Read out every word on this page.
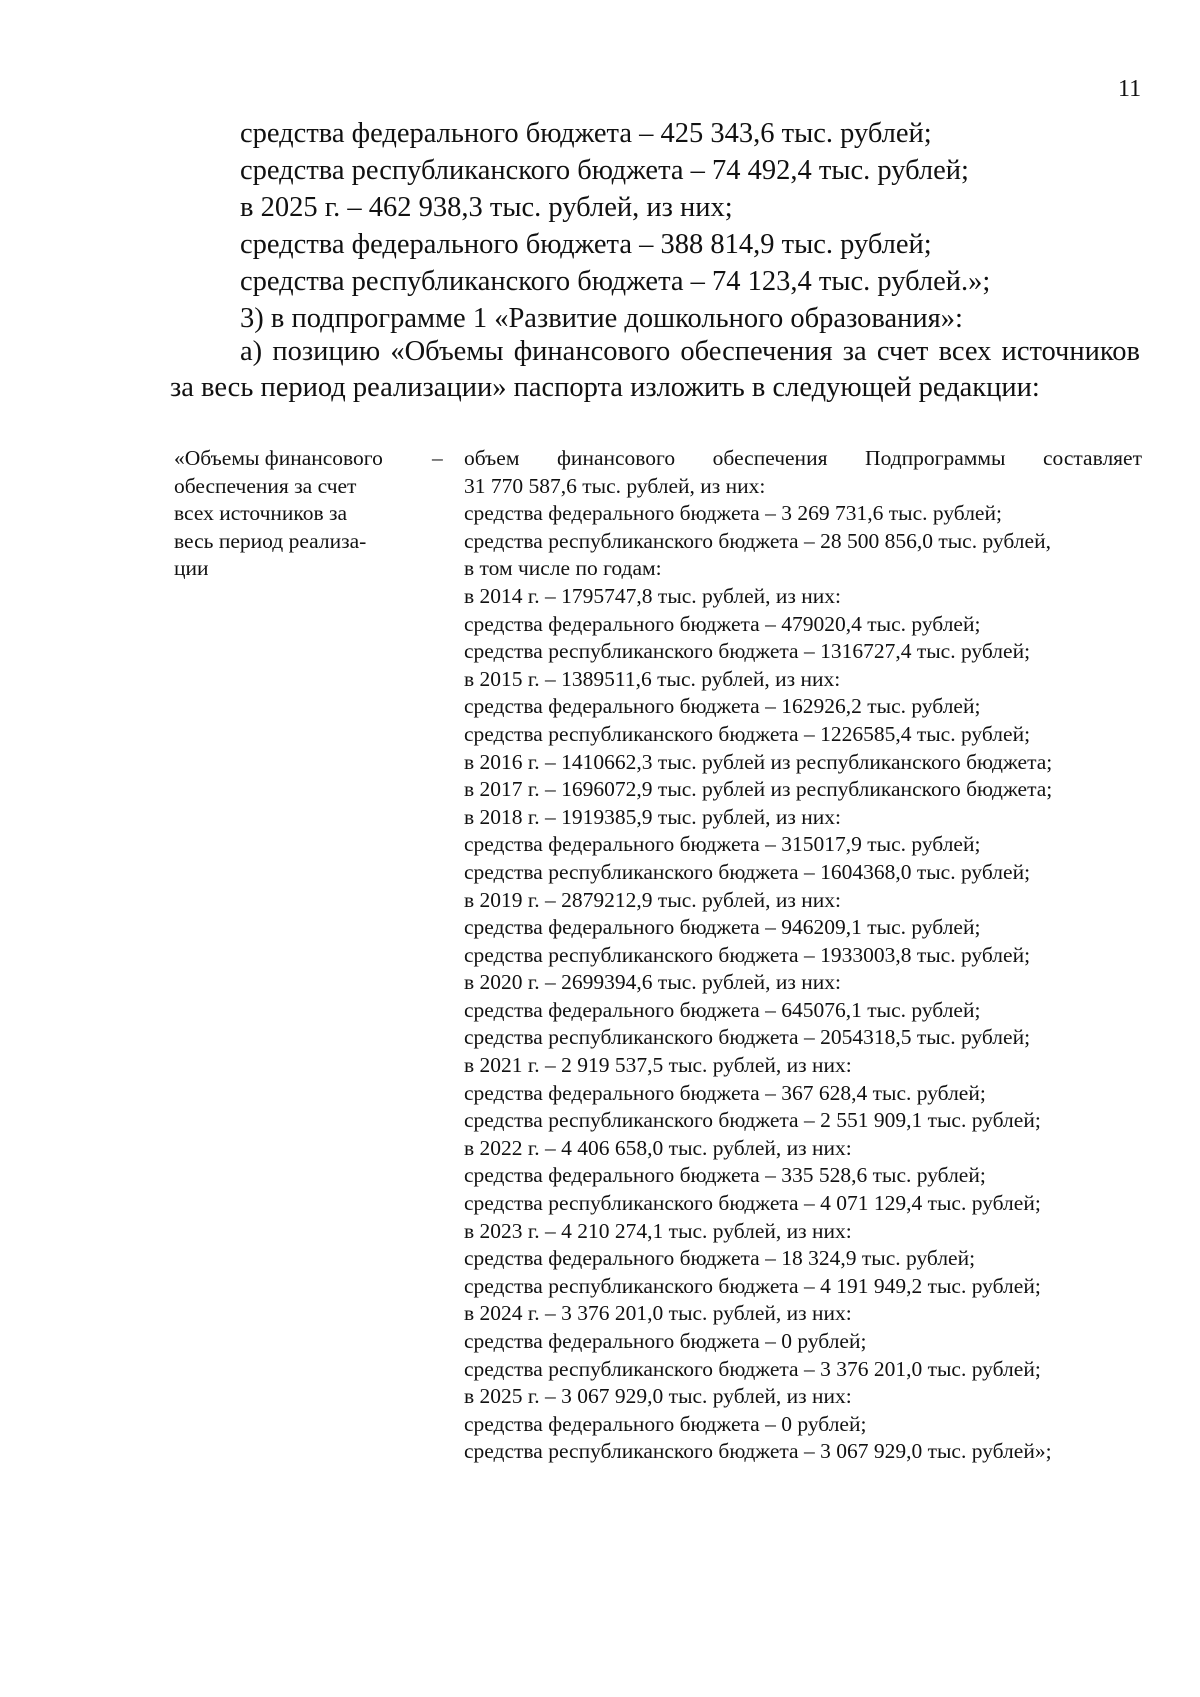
11
средства федерального бюджета – 425 343,6 тыс. рублей;
средства республиканского бюджета – 74 492,4 тыс. рублей;
в 2025 г. – 462 938,3 тыс. рублей, из них;
средства федерального бюджета – 388 814,9 тыс. рублей;
средства республиканского бюджета – 74 123,4 тыс. рублей.»;
3) в подпрограмме 1 «Развитие дошкольного образования»:
а) позицию «Объемы финансового обеспечения за счет всех источников за весь период реализации» паспорта изложить в следующей редакции:
«Объемы финансового
обеспечения за счет
всех источников за
весь период реализа-
ции
– объем финансового обеспечения Подпрограммы составляет
31 770 587,6 тыс. рублей, из них:
средства федерального бюджета – 3 269 731,6 тыс. рублей;
средства республиканского бюджета – 28 500 856,0 тыс. рублей,
в том числе по годам:
в 2014 г. – 1795747,8 тыс. рублей, из них:
средства федерального бюджета – 479020,4 тыс. рублей;
средства республиканского бюджета – 1316727,4 тыс. рублей;
в 2015 г. – 1389511,6 тыс. рублей, из них:
средства федерального бюджета – 162926,2 тыс. рублей;
средства республиканского бюджета – 1226585,4 тыс. рублей;
в 2016 г. – 1410662,3 тыс. рублей из республиканского бюджета;
в 2017 г. – 1696072,9 тыс. рублей из республиканского бюджета;
в 2018 г. – 1919385,9 тыс. рублей, из них:
средства федерального бюджета – 315017,9 тыс. рублей;
средства республиканского бюджета – 1604368,0 тыс. рублей;
в 2019 г. – 2879212,9 тыс. рублей, из них:
средства федерального бюджета – 946209,1 тыс. рублей;
средства республиканского бюджета – 1933003,8 тыс. рублей;
в 2020 г. – 2699394,6 тыс. рублей, из них:
средства федерального бюджета – 645076,1 тыс. рублей;
средства республиканского бюджета – 2054318,5 тыс. рублей;
в 2021 г. – 2 919 537,5 тыс. рублей, из них:
средства федерального бюджета – 367 628,4 тыс. рублей;
средства республиканского бюджета – 2 551 909,1 тыс. рублей;
в 2022 г. – 4 406 658,0 тыс. рублей, из них:
средства федерального бюджета – 335 528,6 тыс. рублей;
средства республиканского бюджета – 4 071 129,4 тыс. рублей;
в 2023 г. – 4 210 274,1 тыс. рублей, из них:
средства федерального бюджета – 18 324,9 тыс. рублей;
средства республиканского бюджета – 4 191 949,2 тыс. рублей;
в 2024 г. – 3 376 201,0 тыс. рублей, из них:
средства федерального бюджета – 0 рублей;
средства республиканского бюджета – 3 376 201,0 тыс. рублей;
в 2025 г. – 3 067 929,0 тыс. рублей, из них:
средства федерального бюджета – 0 рублей;
средства республиканского бюджета – 3 067 929,0 тыс. рублей»;
